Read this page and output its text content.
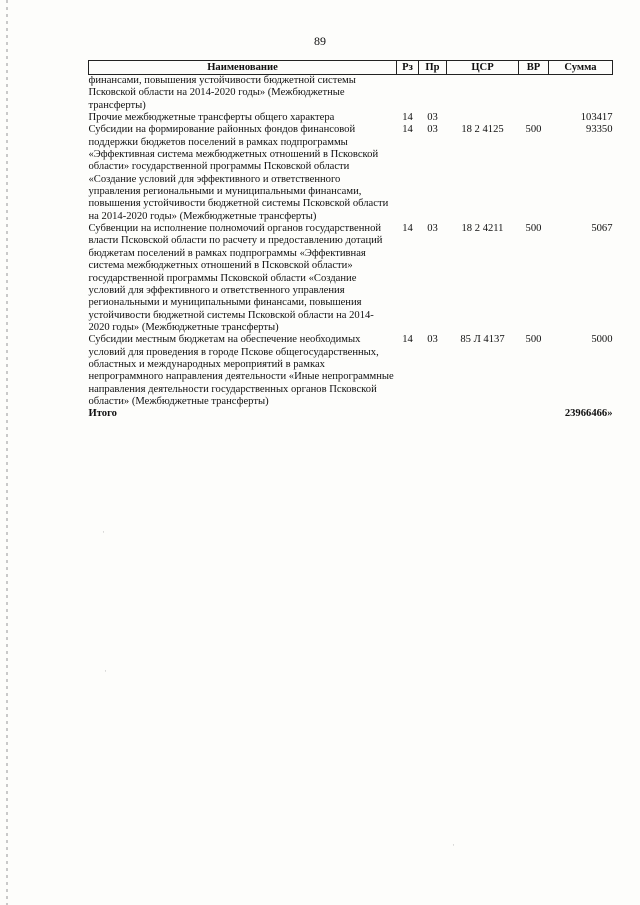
89
Наименование	Рз	Пр	ЦСР	ВР	Сумма
финансами, повышения устойчивости бюджетной системы Псковской области на 2014-2020 годы» (Межбюджетные трансферты)					
Прочие межбюджетные трансферты общего характера	14	03			103417
Субсидии на формирование районных фондов финансовой поддержки бюджетов поселений в рамках подпрограммы «Эффективная система межбюджетных отношений в Псковской области» государственной программы Псковской области «Создание условий для эффективного и ответственного управления региональными и муниципальными финансами, повышения устойчивости бюджетной системы Псковской области на 2014-2020 годы» (Межбюджетные трансферты)	14	03	18 2 4125	500	93350
Субвенции на исполнение полномочий органов государственной власти Псковской области по расчету и предоставлению дотаций бюджетам поселений в рамках подпрограммы «Эффективная система межбюджетных отношений в Псковской области» государственной программы Псковской области «Создание условий для эффективного и ответственного управления региональными и муниципальными финансами, повышения устойчивости бюджетной системы Псковской области на 2014-2020 годы» (Межбюджетные трансферты)	14	03	18 2 4211	500	5067
Субсидии местным бюджетам на обеспечение необходимых условий для проведения в городе Пскове общегосударственных, областных и международных мероприятий в рамках непрограммного направления деятельности «Иные непрограммные направления деятельности государственных органов Псковской области» (Межбюджетные трансферты)	14	03	85 Л 4137	500	5000
Итого					23966466»
·
·
·
